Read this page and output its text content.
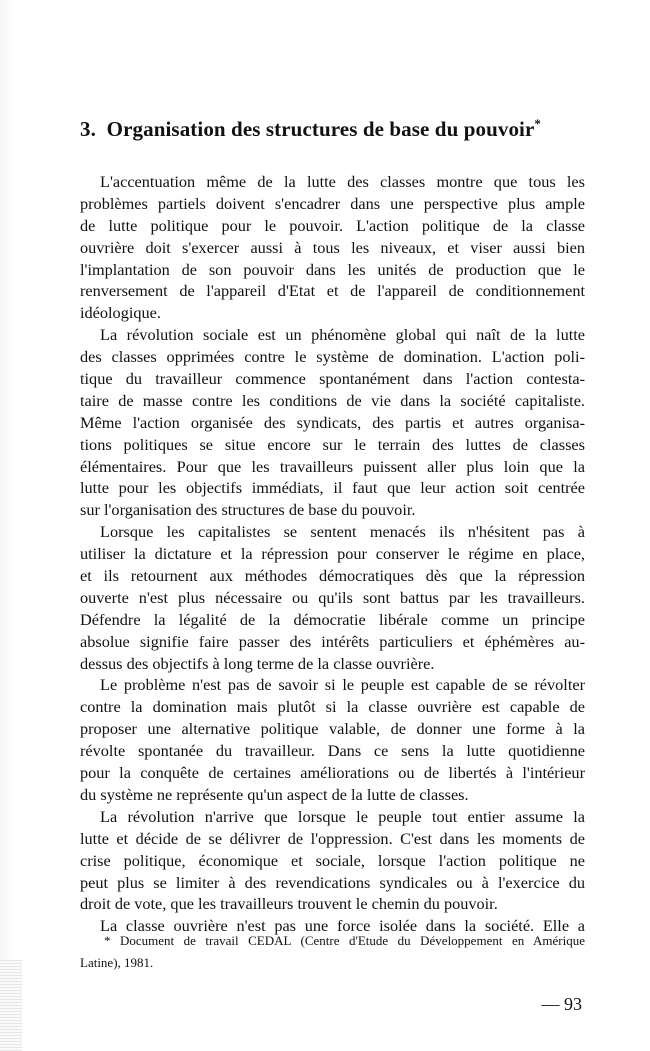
3. Organisation des structures de base du pouvoir*
L'accentuation même de la lutte des classes montre que tous les
problèmes partiels doivent s'encadrer dans une perspective plus ample
de lutte politique pour le pouvoir. L'action politique de la classe
ouvrière doit s'exercer aussi à tous les niveaux, et viser aussi bien
l'implantation de son pouvoir dans les unités de production que le
renversement de l'appareil d'Etat et de l'appareil de conditionnement
idéologique.
La révolution sociale est un phénomène global qui naît de la lutte
des classes opprimées contre le système de domination. L'action poli-
tique du travailleur commence spontanément dans l'action contesta-
taire de masse contre les conditions de vie dans la société capitaliste.
Même l'action organisée des syndicats, des partis et autres organisa-
tions politiques se situe encore sur le terrain des luttes de classes
élémentaires. Pour que les travailleurs puissent aller plus loin que la
lutte pour les objectifs immédiats, il faut que leur action soit centrée
sur l'organisation des structures de base du pouvoir.
Lorsque les capitalistes se sentent menacés ils n'hésitent pas à
utiliser la dictature et la répression pour conserver le régime en place,
et ils retournent aux méthodes démocratiques dès que la répression
ouverte n'est plus nécessaire ou qu'ils sont battus par les travailleurs.
Défendre la légalité de la démocratie libérale comme un principe
absolue signifie faire passer des intérêts particuliers et éphémères au-
dessus des objectifs à long terme de la classe ouvrière.
Le problème n'est pas de savoir si le peuple est capable de se révolter
contre la domination mais plutôt si la classe ouvrière est capable de
proposer une alternative politique valable, de donner une forme à la
révolte spontanée du travailleur. Dans ce sens la lutte quotidienne
pour la conquête de certaines améliorations ou de libertés à l'intérieur
du système ne représente qu'un aspect de la lutte de classes.
La révolution n'arrive que lorsque le peuple tout entier assume la
lutte et décide de se délivrer de l'oppression. C'est dans les moments de
crise politique, économique et sociale, lorsque l'action politique ne
peut plus se limiter à des revendications syndicales ou à l'exercice du
droit de vote, que les travailleurs trouvent le chemin du pouvoir.
La classe ouvrière n'est pas une force isolée dans la société. Elle a
* Document de travail CEDAL (Centre d'Etude du Développement en Amérique
Latine), 1981.
— 93
